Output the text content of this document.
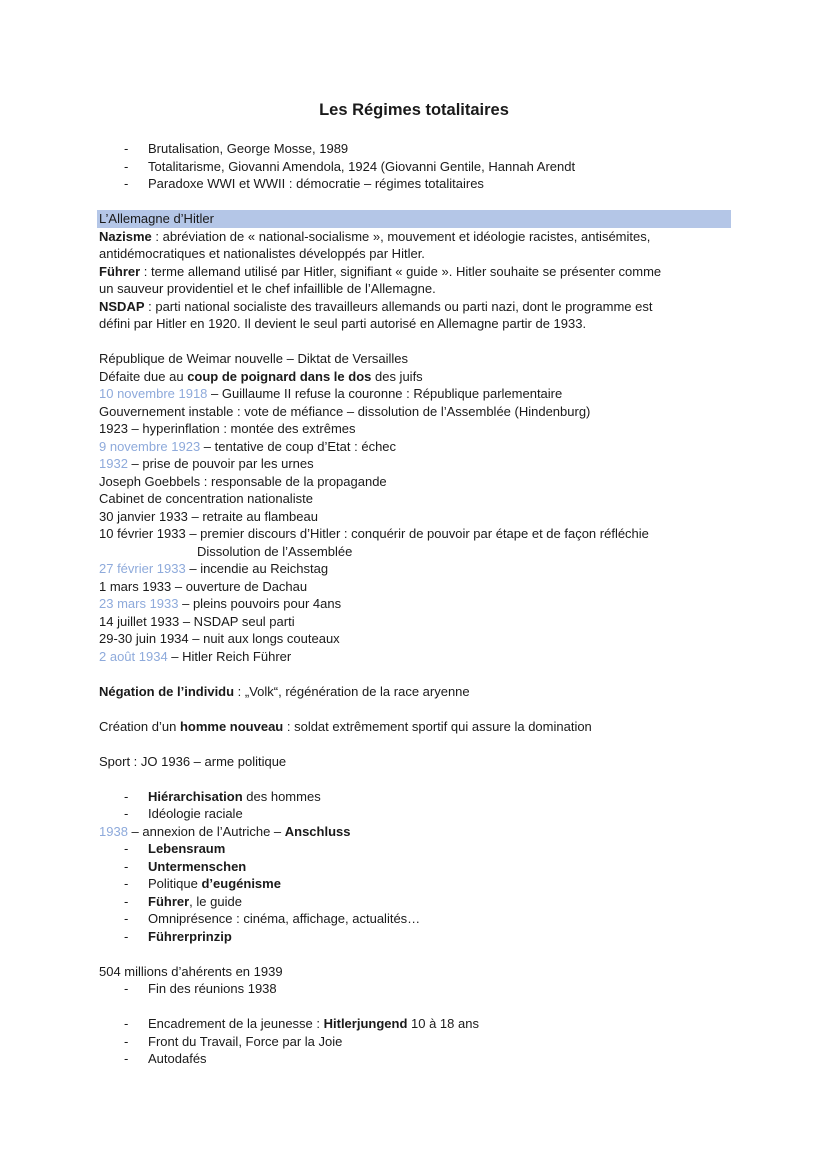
Les Régimes totalitaires
- Brutalisation, George Mosse, 1989
- Totalitarisme, Giovanni Amendola, 1924 (Giovanni Gentile, Hannah Arendt
- Paradoxe WWI et WWII : démocratie – régimes totalitaires
L’Allemagne d’Hitler
Nazisme : abréviation de « national-socialisme », mouvement et idéologie racistes, antisémites,
antidémocratiques et nationalistes développés par Hitler.
Führer : terme allemand utilisé par Hitler, signifiant « guide ». Hitler souhaite se présenter comme
un sauveur providentiel et le chef infaillible de l’Allemagne.
NSDAP : parti national socialiste des travailleurs allemands ou parti nazi, dont le programme est
défini par Hitler en 1920. Il devient le seul parti autorisé en Allemagne partir de 1933.
République de Weimar nouvelle – Diktat de Versailles
Défaite due au coup de poignard dans le dos des juifs
10 novembre 1918 – Guillaume II refuse la couronne : République parlementaire
Gouvernement instable : vote de méfiance – dissolution de l’Assemblée (Hindenburg)
1923 – hyperinflation : montée des extrêmes
9 novembre 1923 – tentative de coup d’Etat : échec
1932 – prise de pouvoir par les urnes
Joseph Goebbels : responsable de la propagande
Cabinet de concentration nationaliste
30 janvier 1933 – retraite au flambeau
10 février 1933 – premier discours d’Hitler : conquérir de pouvoir par étape et de façon réfléchie
Dissolution de l’Assemblée
27 février 1933 – incendie au Reichstag
1 mars 1933 – ouverture de Dachau
23 mars 1933 – pleins pouvoirs pour 4ans
14 juillet 1933 – NSDAP seul parti
29-30 juin 1934 – nuit aux longs couteaux
2 août 1934 – Hitler Reich Führer
Négation de l’individu : „Volk“, régénération de la race aryenne
Création d’un homme nouveau : soldat extrêmement sportif qui assure la domination
Sport : JO 1936 – arme politique
- Hiérarchisation des hommes
- Idéologie raciale
1938 – annexion de l’Autriche – Anschluss
- Lebensraum
- Untermenschen
- Politique d’eugénisme
- Führer, le guide
- Omniprésence : cinéma, affichage, actualités…
- Führerprinzip
504 millions d’ahérents en 1939
- Fin des réunions 1938
- Encadrement de la jeunesse : Hitlerjungend 10 à 18 ans
- Front du Travail, Force par la Joie
- Autodafés
